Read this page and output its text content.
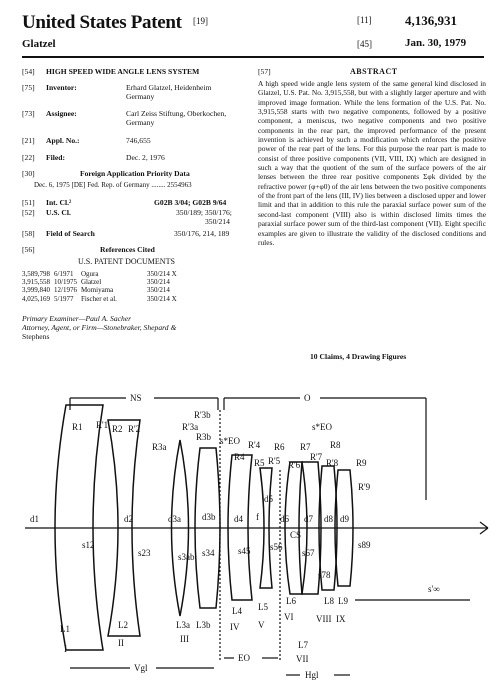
United States Patent [19]
Glatzel
[11]	4,136,931
[45]	Jan. 30, 1979
[54]	HIGH SPEED WIDE ANGLE LENS SYSTEM
[75]	Inventor:	Erhard Glatzel, Heidenheim
Germany
[73]	Assignee:	Carl Zeiss Stiftung, Oberkochen,
Germany
[21]	Appl. No.:	746,655
[22]	Filed:	Dec. 2, 1976
[30]	Foreign Application Priority Data
Dec. 6, 1975 [DE] Fed. Rep. of Germany ........ 2554963
[51]	Int. Cl.²	G02B 3/04; G02B 9/64
[52]	U.S. Cl.	350/189; 350/176;
350/214
[58]	Field of Search	350/176, 214, 189
[56]	References Cited
U.S. PATENT DOCUMENTS
3,589,798	6/1971	Ogura	350/214 X
3,915,558	10/1975	Glatzel	350/214
3,999,840	12/1976	Momiyama	350/214
4,025,169	5/1977	Fischer et al.	350/214 X
Primary Examiner—Paul A. Sacher
Attorney, Agent, or Firm—Stonebraker, Shepard &
Stephens
[57]	ABSTRACT
A high speed wide angle lens system of the same general kind disclosed in Glatzel, U.S. Pat. No. 3,915,558, but with a slightly larger aperture and with improved image formation. While the lens formation of the U.S. Pat. No. 3,915,558 starts with two negative components, followed by a positive component, a meniscus, two negative components and two positive components in the rear part, the improved performance of the present invention is achieved by such a modification which enforces the positive power of the rear part of the lens. For this purpose the rear part is made to consist of three positive components (VII, VIII, IX) which are designed in such a way that the quotient of the sum of the surface powers of the air lenses between the three rear positive components Σφk divided by the refractive power (φ+φ0) of the air lens between the two positive components of the front part of the lens (III, IV) lies between a disclosed upper and lower limit and that in addition to this rule the paraxial surface power sum of the second-last component (VIII) also is within disclosed limits times the paraxial surface power sum of the third-last component (VII). Eight specific examples are given to illustrate the validity of the disclosed conditions and rules.
10 Claims, 4 Drawing Figures
NS	O
EO
Vgl
Hgl
R1 R'1 R2 R'2
R3a
R'3a
R3b
R'3b
s*EO
R4
R'4
R5 R'5
R6
R'6
R7
R'7
s*EO
R8
R'8 R9
R'9
d1	d2	d3a d3b d4
d5
d6 d7 d8 d9
f
s12
s23	s3ab s34	s45 s56
s67
s78
s89
s'∞
CS
L1	L2	L3a L3b
L4 L5
L6
L7
L8 L9
I
II	III
IV V
VI
VII
VIII IX
